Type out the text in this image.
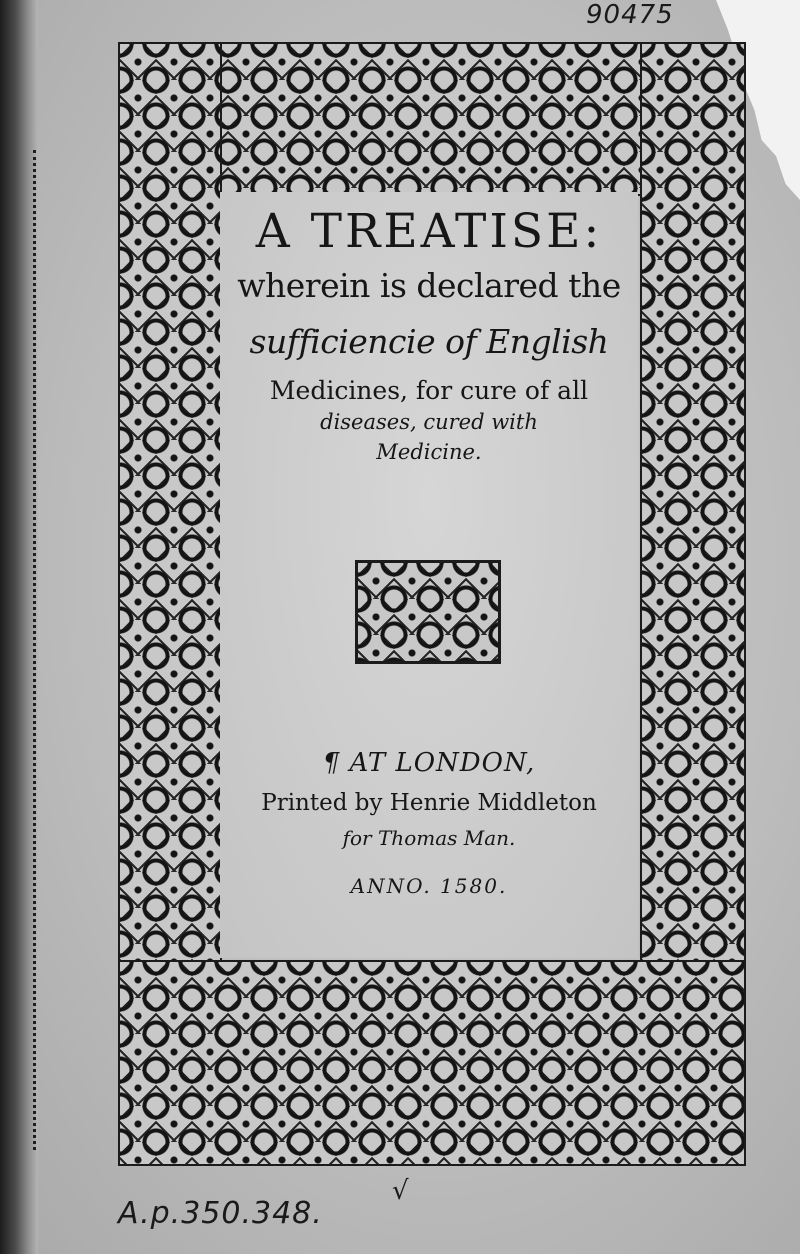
A TREATISE:
wherein is declared the
sufficiencie of English
Medicines, for cure of all
diseases, cured with
Medicine.
¶ AT LONDON,
Printed by Henrie Middleton
for Thomas Man.
ANNO. 1580.
90475
√
A.p.350.348.
